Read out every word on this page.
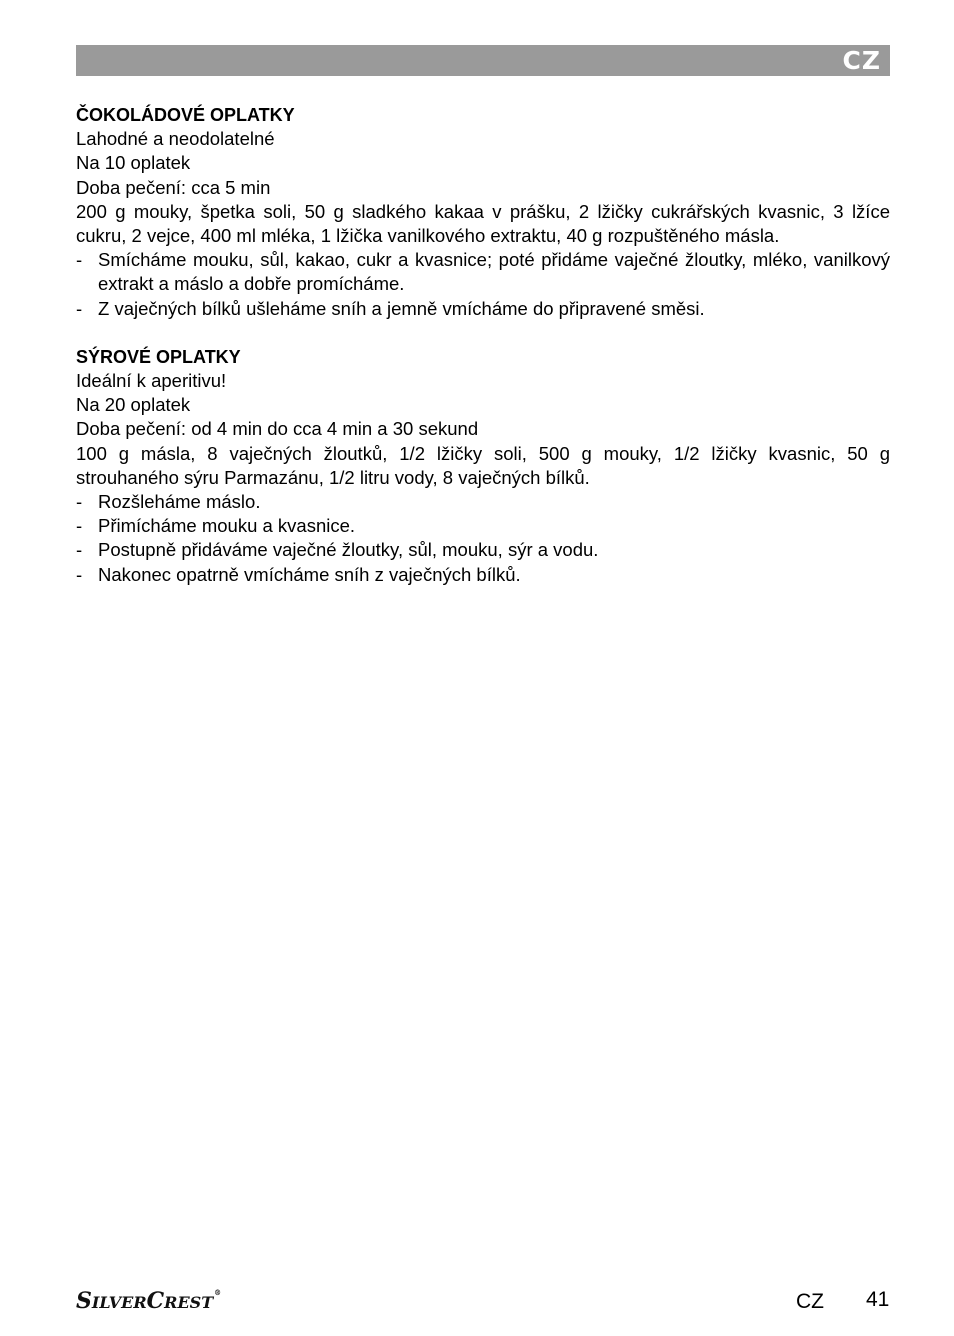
CZ
ČOKOLÁDOVÉ OPLATKY
Lahodné a neodolatelné
Na 10 oplatek
Doba pečení: cca 5 min
200 g mouky, špetka soli, 50 g sladkého kakaa v prášku, 2 lžičky cukrářských kvasnic, 3 lžíce cukru, 2 vejce, 400 ml mléka, 1 lžička vanilkového extraktu, 40 g rozpuštěného másla.
- Smícháme mouku, sůl, kakao, cukr a kvasnice; poté přidáme vaječné žloutky, mléko, vanilkový extrakt a máslo a dobře promícháme.
- Z vaječných bílků ušleháme sníh a jemně vmícháme do připravené směsi.
SÝROVÉ OPLATKY
Ideální k aperitivu!
Na 20 oplatek
Doba pečení: od 4 min do cca 4 min a 30 sekund
100 g másla, 8 vaječných žloutků, 1/2 lžičky soli, 500 g mouky, 1/2 lžičky kvasnic, 50 g strouhaného sýru Parmazánu, 1/2 litru vody, 8 vaječných bílků.
- Rozšleháme máslo.
- Přimícháme mouku a kvasnice.
- Postupně přidáváme vaječné žloutky, sůl, mouku, sýr a vodu.
- Nakonec opatrně vmícháme sníh z vaječných bílků.
SILVERCREST®	CZ 41
